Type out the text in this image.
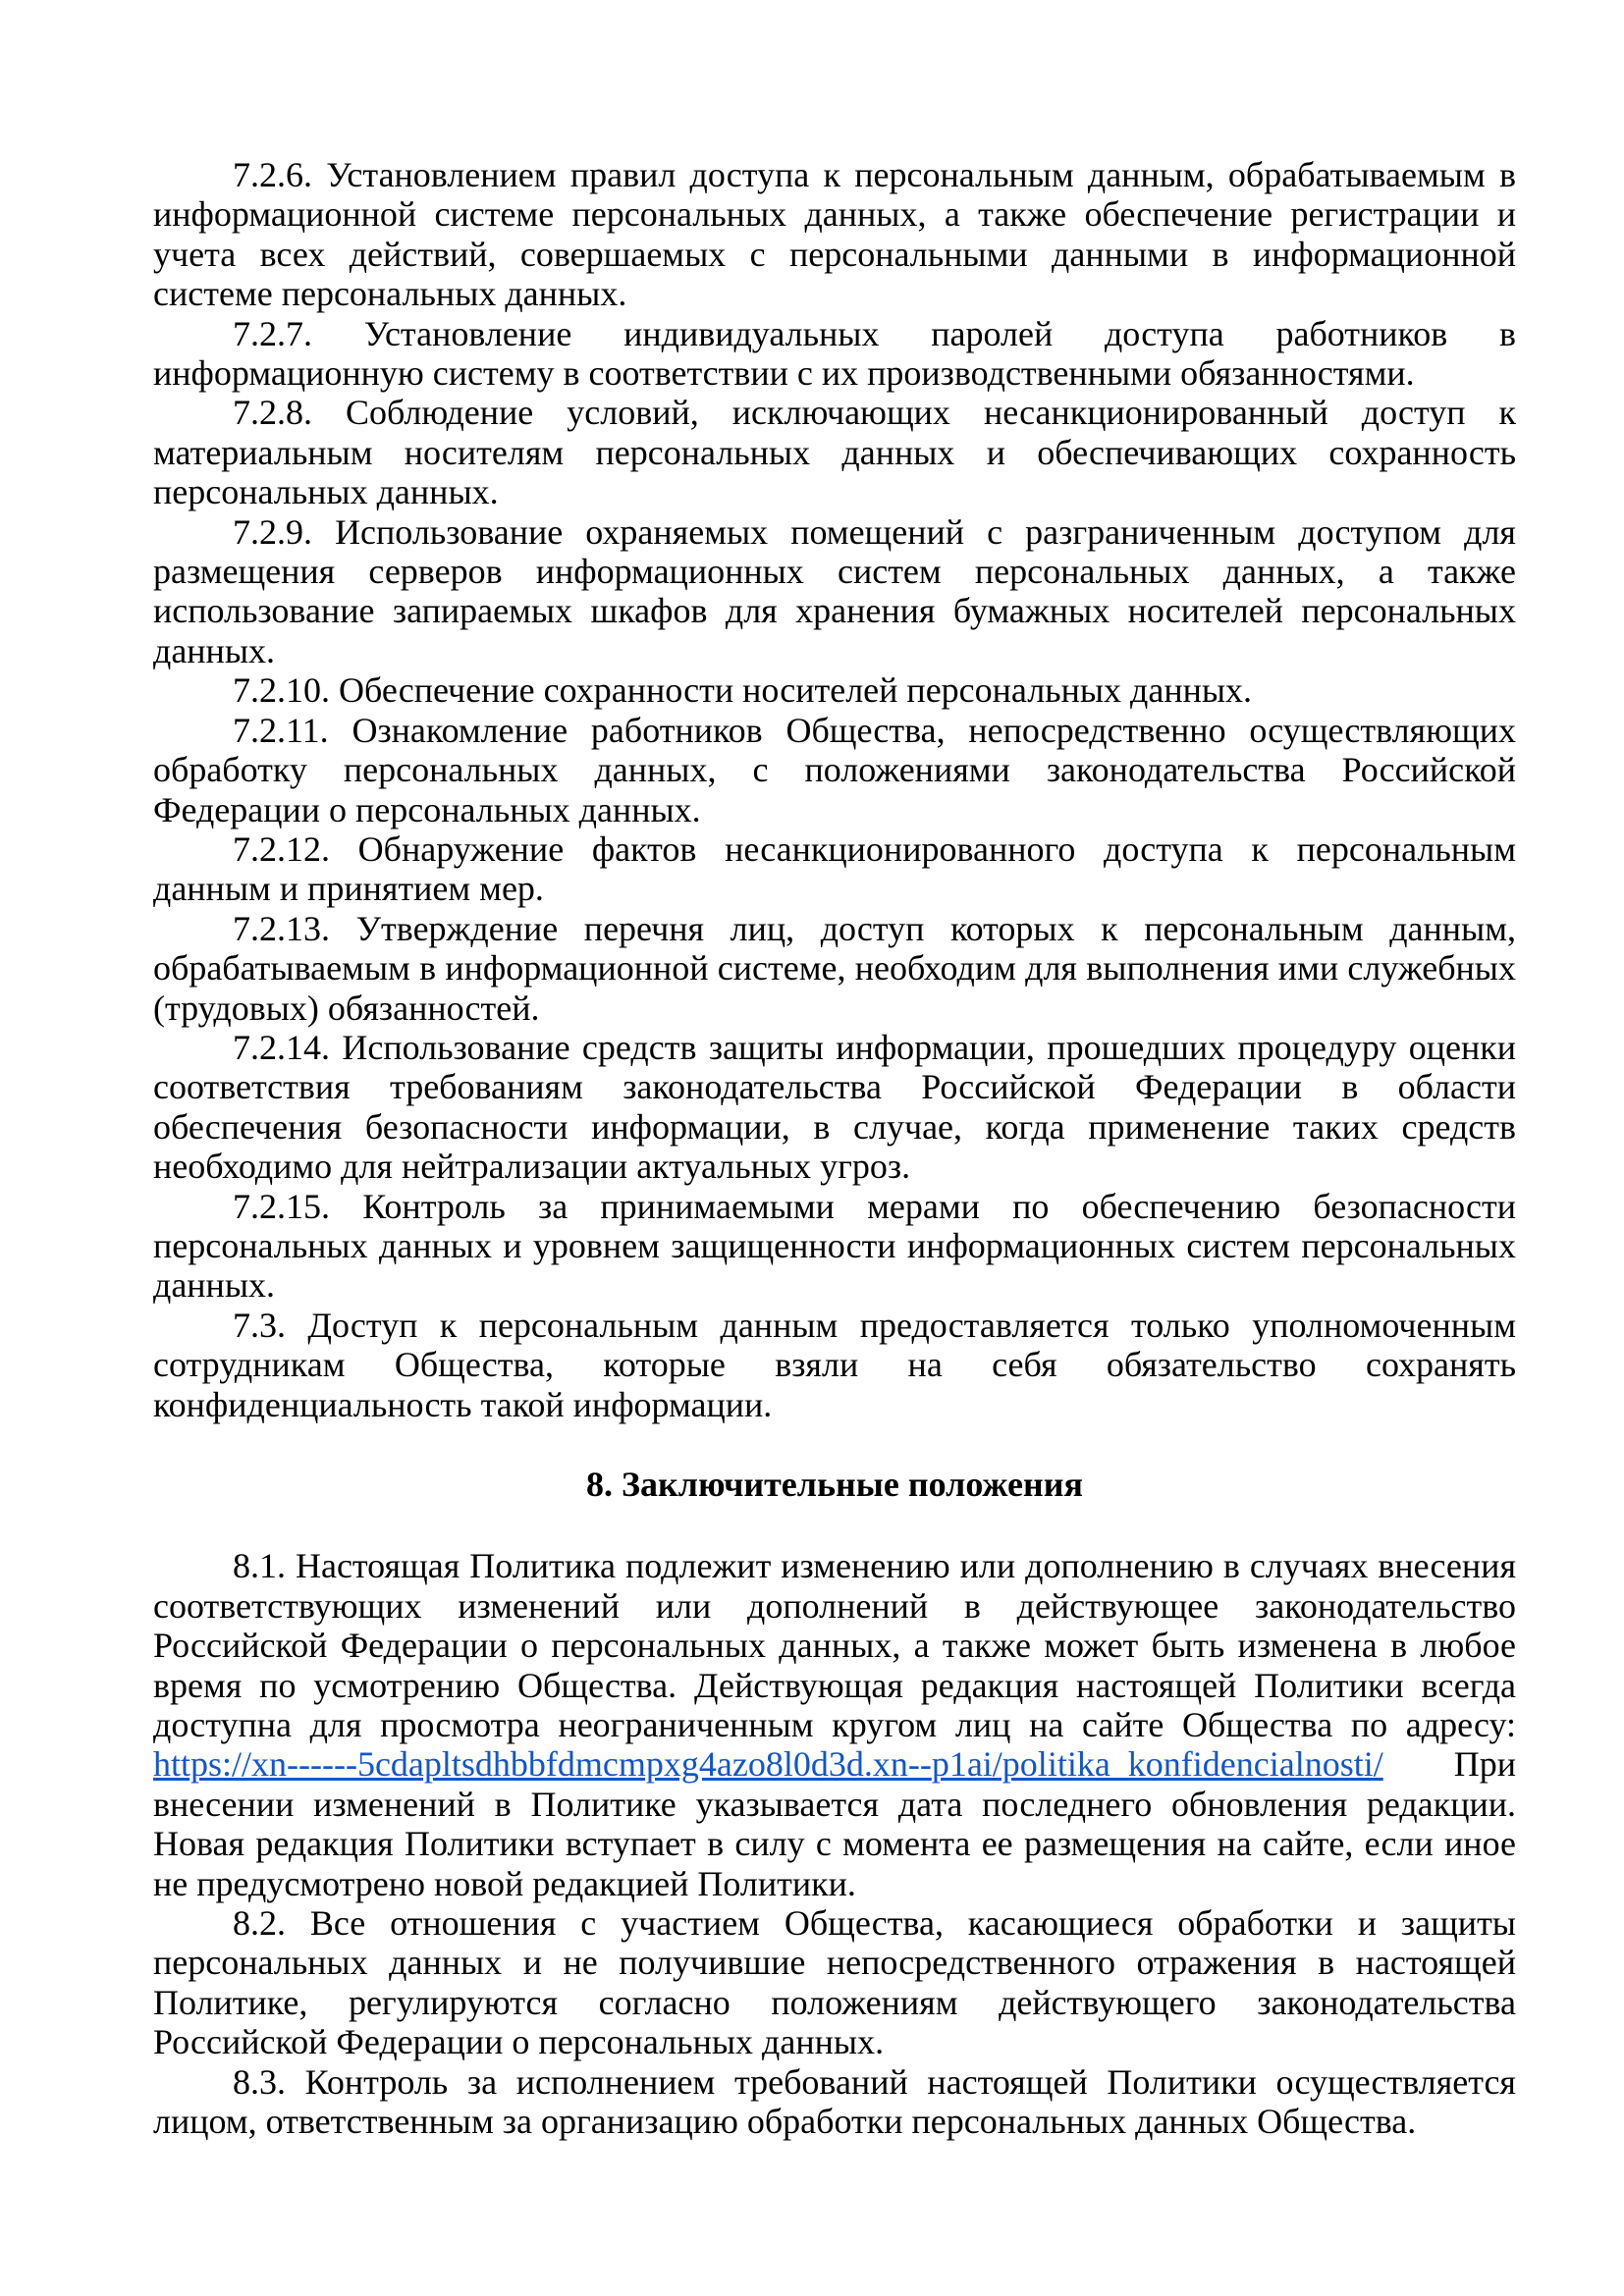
7.2.6. Установлением правил доступа к персональным данным, обрабатываемым в информационной системе персональных данных, а также обеспечение регистрации и учета всех действий, совершаемых с персональными данными в информационной системе персональных данных.

7.2.7. Установление индивидуальных паролей доступа работников в информационную систему в соответствии с их производственными обязанностями.

7.2.8. Соблюдение условий, исключающих несанкционированный доступ к материальным носителям персональных данных и обеспечивающих сохранность персональных данных.

7.2.9. Использование охраняемых помещений с разграниченным доступом для размещения серверов информационных систем персональных данных, а также использование запираемых шкафов для хранения бумажных носителей персональных данных.

7.2.10. Обеспечение сохранности носителей персональных данных.

7.2.11. Ознакомление работников Общества, непосредственно осуществляющих обработку персональных данных, с положениями законодательства Российской Федерации о персональных данных.

7.2.12. Обнаружение фактов несанкционированного доступа к персональным данным и принятием мер.

7.2.13. Утверждение перечня лиц, доступ которых к персональным данным, обрабатываемым в информационной системе, необходим для выполнения ими служебных (трудовых) обязанностей.

7.2.14. Использование средств защиты информации, прошедших процедуру оценки соответствия требованиям законодательства Российской Федерации в области обеспечения безопасности информации, в случае, когда применение таких средств необходимо для нейтрализации актуальных угроз.

7.2.15. Контроль за принимаемыми мерами по обеспечению безопасности персональных данных и уровнем защищенности информационных систем персональных данных.

7.3. Доступ к персональным данным предоставляется только уполномоченным сотрудникам Общества, которые взяли на себя обязательство сохранять конфиденциальность такой информации.

8. Заключительные положения

8.1. Настоящая Политика подлежит изменению или дополнению в случаях внесения соответствующих изменений или дополнений в действующее законодательство Российской Федерации о персональных данных, а также может быть изменена в любое время по усмотрению Общества. Действующая редакция настоящей Политики всегда доступна для просмотра неограниченным кругом лиц на сайте Общества по адресу: https://xn------5cdapltsdhbbfdmcmpxg4azo8l0d3d.xn--p1ai/politika_konfidencialnosti/ При внесении изменений в Политике указывается дата последнего обновления редакции. Новая редакция Политики вступает в силу с момента ее размещения на сайте, если иное не предусмотрено новой редакцией Политики.

8.2. Все отношения с участием Общества, касающиеся обработки и защиты персональных данных и не получившие непосредственного отражения в настоящей Политике, регулируются согласно положениям действующего законодательства Российской Федерации о персональных данных.

8.3. Контроль за исполнением требований настоящей Политики осуществляется лицом, ответственным за организацию обработки персональных данных Общества.
